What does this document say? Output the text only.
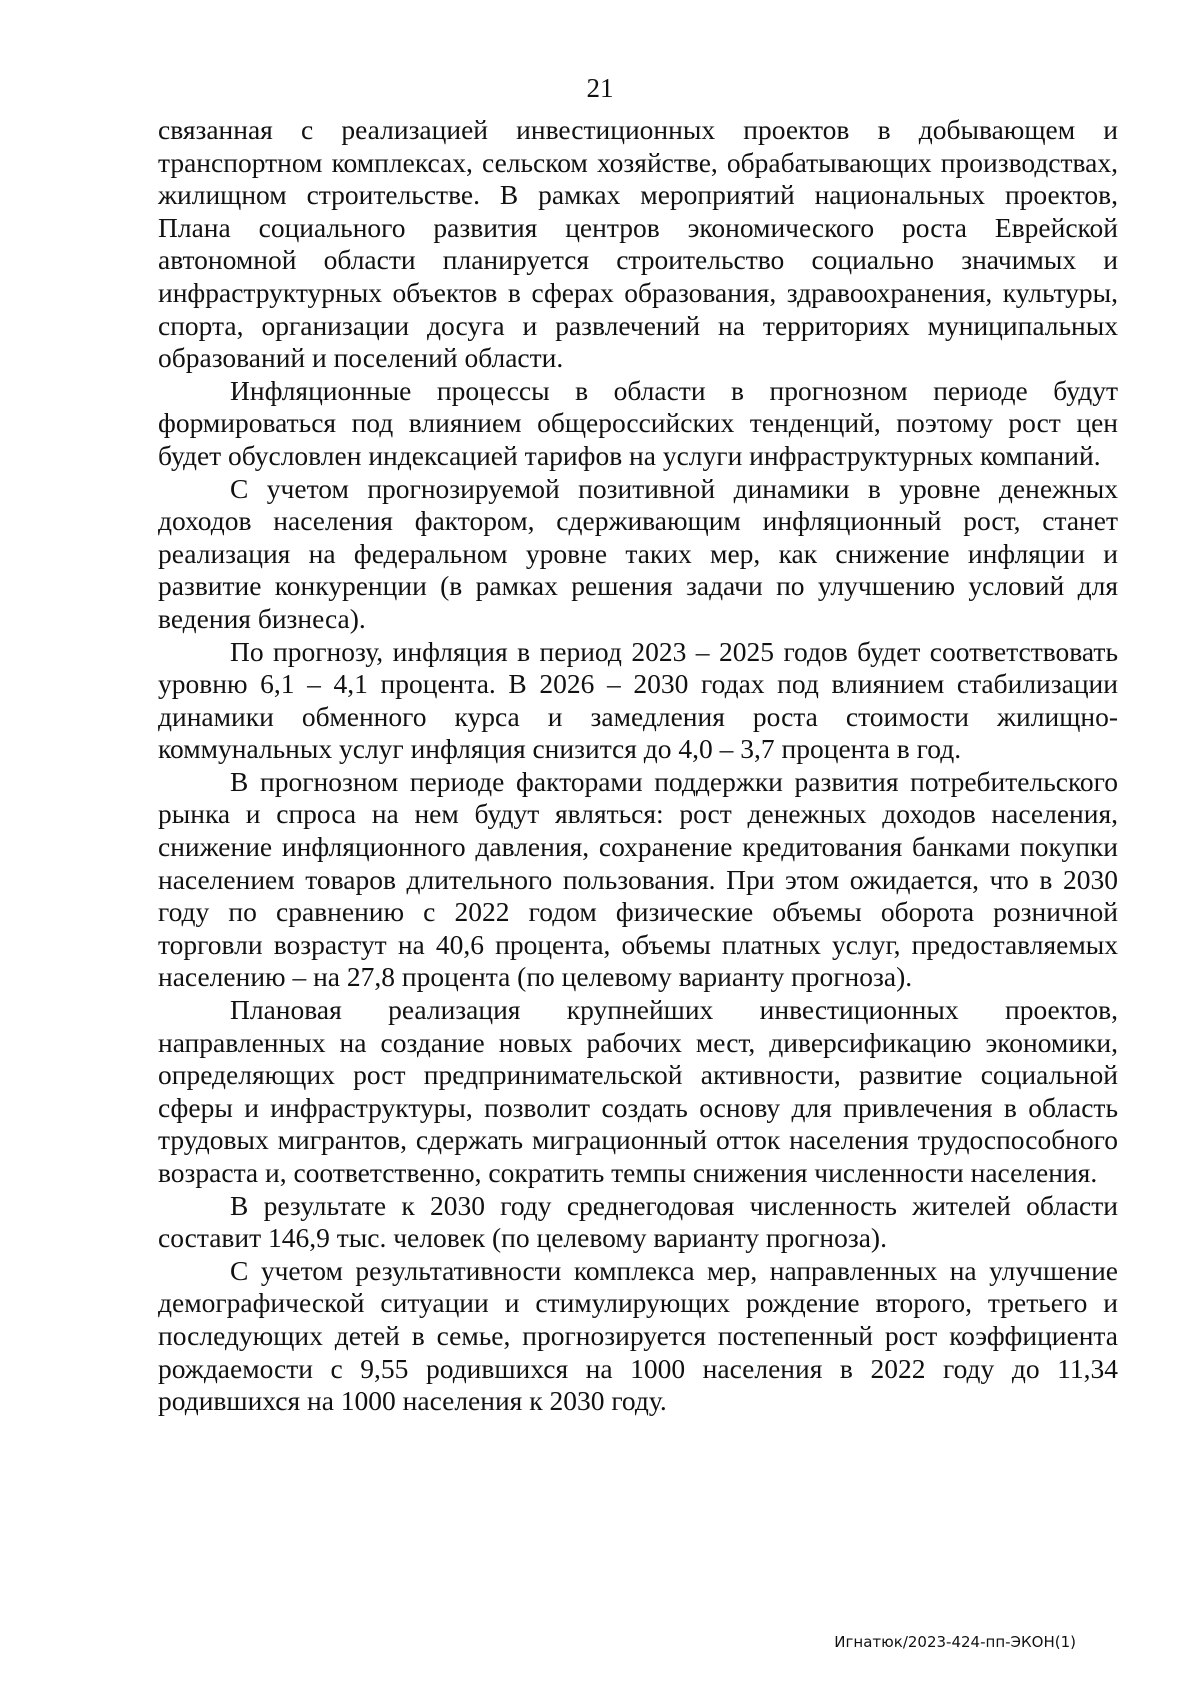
21

связанная с реализацией инвестиционных проектов в добывающем и транспортном комплексах, сельском хозяйстве, обрабатывающих производствах, жилищном строительстве. В рамках мероприятий национальных проектов, Плана социального развития центров экономического роста Еврейской автономной области планируется строительство социально значимых и инфраструктурных объектов в сферах образования, здравоохранения, культуры, спорта, организации досуга и развлечений на территориях муниципальных образований и поселений области.

Инфляционные процессы в области в прогнозном периоде будут формироваться под влиянием общероссийских тенденций, поэтому рост цен будет обусловлен индексацией тарифов на услуги инфраструктурных компаний.

С учетом прогнозируемой позитивной динамики в уровне денежных доходов населения фактором, сдерживающим инфляционный рост, станет реализация на федеральном уровне таких мер, как снижение инфляции и развитие конкуренции (в рамках решения задачи по улучшению условий для ведения бизнеса).

По прогнозу, инфляция в период 2023 – 2025 годов будет соответствовать уровню 6,1 – 4,1 процента. В 2026 – 2030 годах под влиянием стабилизации динамики обменного курса и замедления роста стоимости жилищно-коммунальных услуг инфляция снизится до 4,0 – 3,7 процента в год.

В прогнозном периоде факторами поддержки развития потребительского рынка и спроса на нем будут являться: рост денежных доходов населения, снижение инфляционного давления, сохранение кредитования банками покупки населением товаров длительного пользования. При этом ожидается, что в 2030 году по сравнению с 2022 годом физические объемы оборота розничной торговли возрастут на 40,6 процента, объемы платных услуг, предоставляемых населению – на 27,8 процента (по целевому варианту прогноза).

Плановая реализация крупнейших инвестиционных проектов, направленных на создание новых рабочих мест, диверсификацию экономики, определяющих рост предпринимательской активности, развитие социальной сферы и инфраструктуры, позволит создать основу для привлечения в область трудовых мигрантов, сдержать миграционный отток населения трудоспособного возраста и, соответственно, сократить темпы снижения численности населения.

В результате к 2030 году среднегодовая численность жителей области составит 146,9 тыс. человек (по целевому варианту прогноза).

С учетом результативности комплекса мер, направленных на улучшение демографической ситуации и стимулирующих рождение второго, третьего и последующих детей в семье, прогнозируется постепенный рост коэффициента рождаемости с 9,55 родившихся на 1000 населения в 2022 году до 11,34 родившихся на 1000 населения к 2030 году.

Игнатюк/2023-424-пп-ЭКОН(1)
